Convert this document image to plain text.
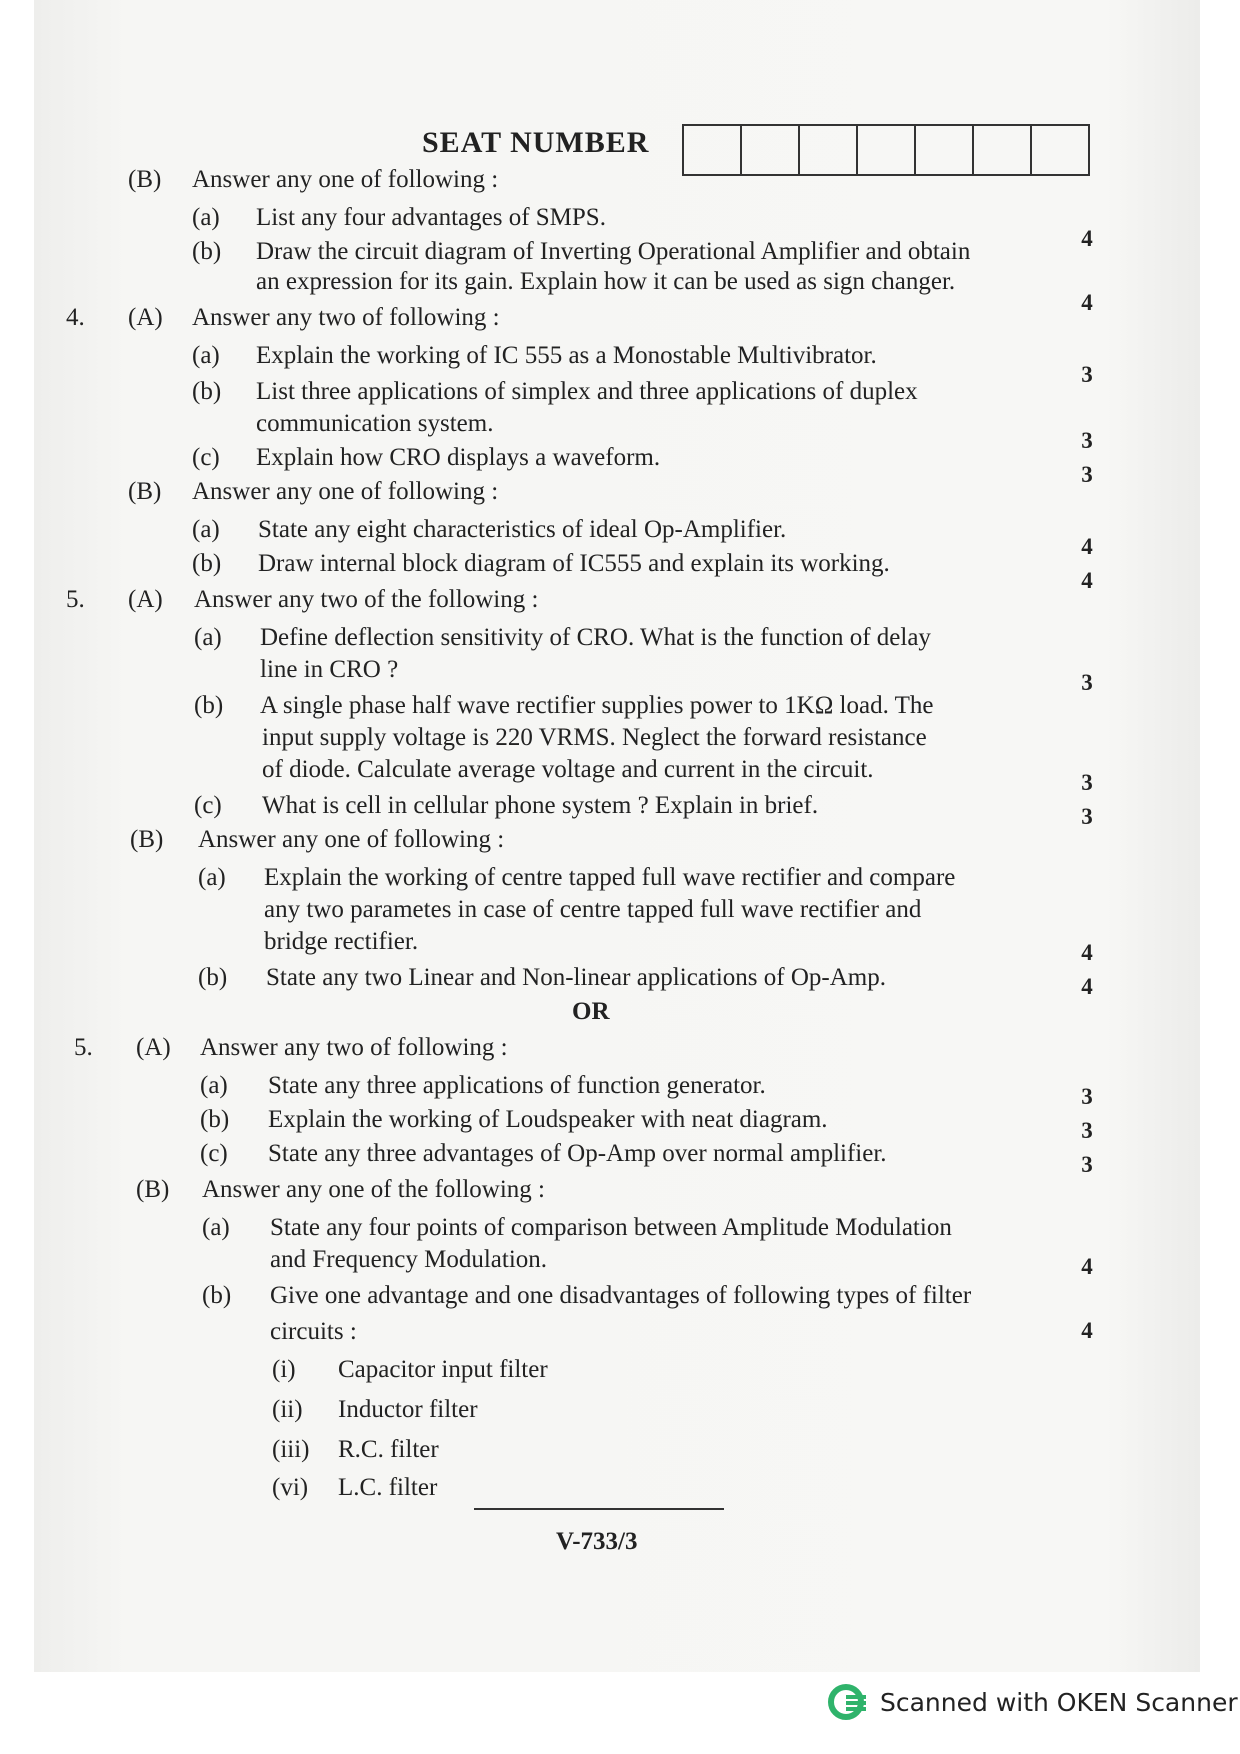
SEAT NUMBER
(B) Answer any one of following :
(a) List any four advantages of SMPS.
(b) Draw the circuit diagram of Inverting Operational Amplifier and obtain
an expression for its gain. Explain how it can be used as sign changer.
4. (A) Answer any two of following :
(a) Explain the working of IC 555 as a Monostable Multivibrator.
(b) List three applications of simplex and three applications of duplex
communication system.
(c) Explain how CRO displays a waveform.
(B) Answer any one of following :
(a) State any eight characteristics of ideal Op-Amplifier.
(b) Draw internal block diagram of IC555 and explain its working.
5. (A) Answer any two of the following :
(a) Define deflection sensitivity of CRO. What is the function of delay
line in CRO ?
(b) A single phase half wave rectifier supplies power to 1KΩ load. The
input supply voltage is 220 VRMS. Neglect the forward resistance
of diode. Calculate average voltage and current in the circuit.
(c) What is cell in cellular phone system ? Explain in brief.
(B) Answer any one of following :
(a) Explain the working of centre tapped full wave rectifier and compare
any two parametes in case of centre tapped full wave rectifier and
bridge rectifier.
(b) State any two Linear and Non-linear applications of Op-Amp.
OR
5. (A) Answer any two of following :
(a) State any three applications of function generator.
(b) Explain the working of Loudspeaker with neat diagram.
(c) State any three advantages of Op-Amp over normal amplifier.
(B) Answer any one of the following :
(a) State any four points of comparison between Amplitude Modulation
and Frequency Modulation.
(b) Give one advantage and one disadvantages of following types of filter
circuits :
(i) Capacitor input filter
(ii) Inductor filter
(iii) R.C. filter
(vi) L.C. filter
4
4
3
3
3
4
4
3
3
3
4
4
3
3
3
4
4
V-733/3
Scanned with OKEN Scanner
